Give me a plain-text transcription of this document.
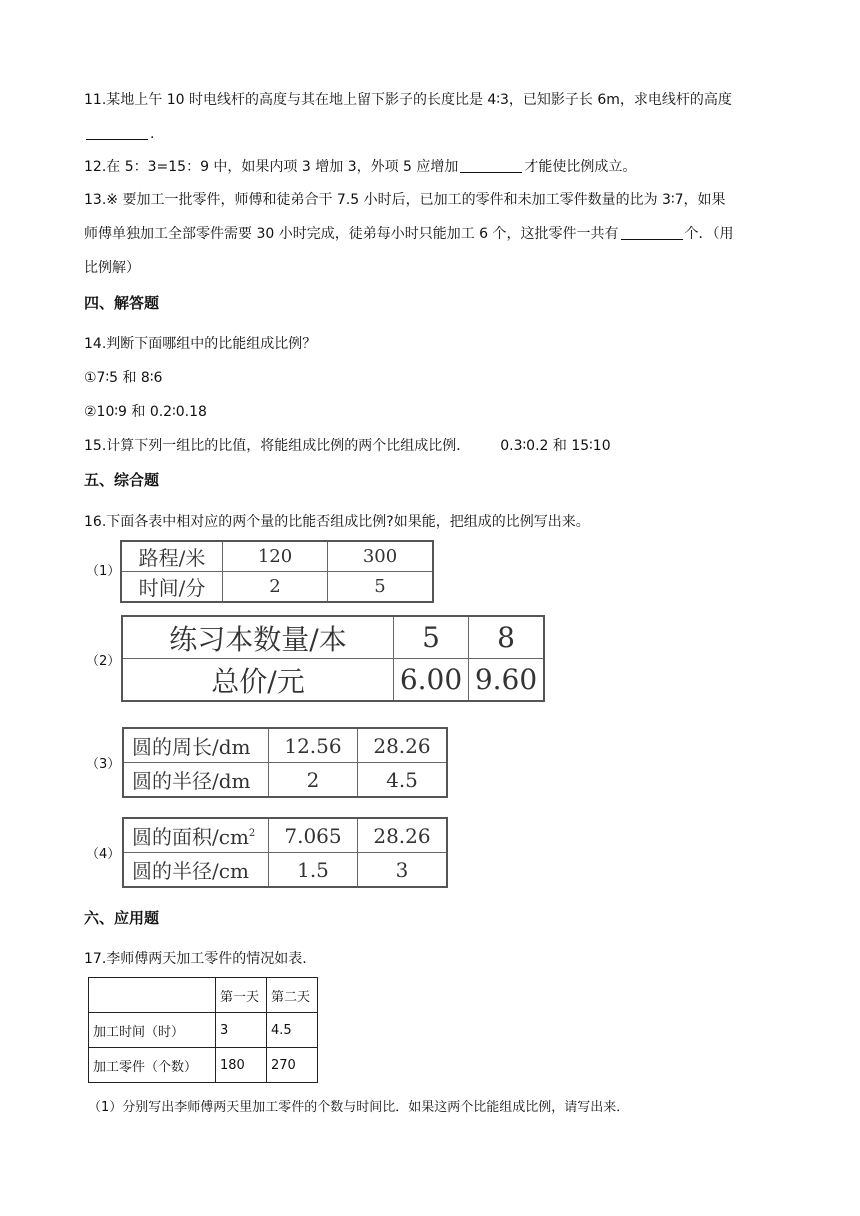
11.某地上午 10 时电线杆的高度与其在地上留下影子的长度比是 4∶3，已知影子长 6m，求电线杆的高度
.
12.在 5：3=15：9 中，如果内项 3 增加 3，外项 5 应增加	才能使比例成立。
13.※ 要加工一批零件，师傅和徒弟合干 7.5 小时后，已加工的零件和未加工零件数量的比为 3∶7，如果
师傅单独加工全部零件需要 30 小时完成，徒弟每小时只能加工 6 个，这批零件一共有	个．（用
比例解）
四、解答题
14.判断下面哪组中的比能组成比例？
①7∶5 和 8∶6
②10∶9 和 0.2∶0.18
15.计算下列一组比的比值，将能组成比例的两个比组成比例． 0.3∶0.2 和 15∶10
五、综合题
16.下面各表中相对应的两个量的比能否组成比例?如果能，把组成的比例写出来。
（1）
路程/米	120	300
时间/分	2	5
（2）
练习本数量/本	5	8
总价/元	6.00	9.60
（3）
圆的周长/dm	12.56	28.26
圆的半径/dm	2	4.5
（4）
圆的面积$/cm^2$	7.065	28.26
圆的半径/cm	1.5	3
六、应用题
17.李师傅两天加工零件的情况如表.
	第一天	第二天
加工时间（时）	3	4.5
加工零件（个数）	180	270
（1）分别写出李师傅两天里加工零件的个数与时间比．如果这两个比能组成比例，请写出来．
